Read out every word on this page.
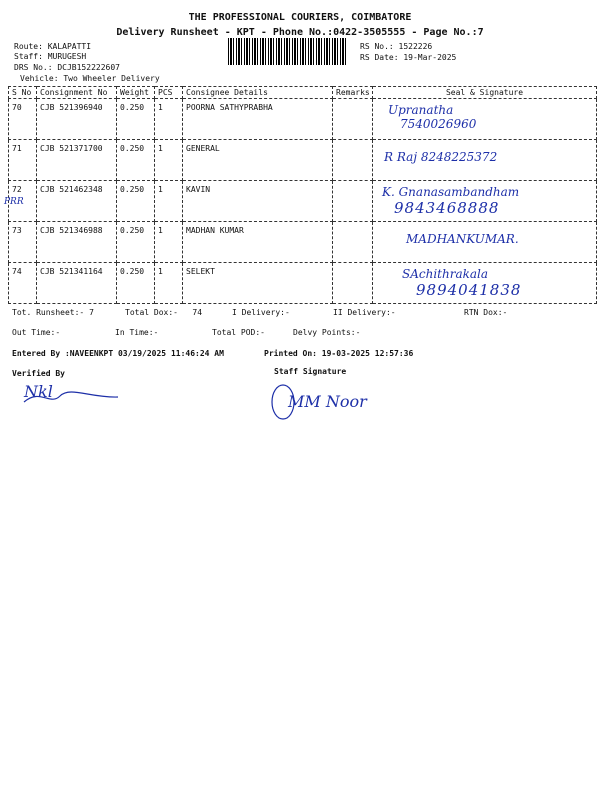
THE PROFESSIONAL COURIERS, COIMBATORE
Delivery Runsheet - KPT - Phone No.:0422-3505555 - Page No.:7
Route: KALAPATTI
Staff: MURUGESH
DRS No.: DCJB152222607
Vehicle: Two Wheeler Delivery
RS No.: 1522226
RS Date: 19-Mar-2025
S No	Consignment No	Weight	PCS	Consignee Details	Remarks	Seal & Signature
70	CJB 521396940	0.250	1	POORNA SATHYPRABHA		Upranatha
7540026960

71	CJB 521371700	0.250	1	GENERAL		R Raj 8248225372

72	CJB 521462348	0.250	1	KAVIN		K. Gnanasambandham
9843468888

73	CJB 521346988	0.250	1	MADHAN KUMAR		MADHANKUMAR.

74	CJB 521341164	0.250	1	SELEKT		SAchithrakala
9894041838
PRR
Tot. Runsheet:- 7	Total Dox:-   74	I Delivery:-	II Delivery:-	RTN Dox:-
Out Time:-	In Time:-	Total POD:-	Delvy Points:-
Entered By :NAVEENKPT 03/19/2025 11:46:24 AM	Printed On: 19-03-2025 12:57:36
Verified By	Staff Signature
Nkl
MM Noor
